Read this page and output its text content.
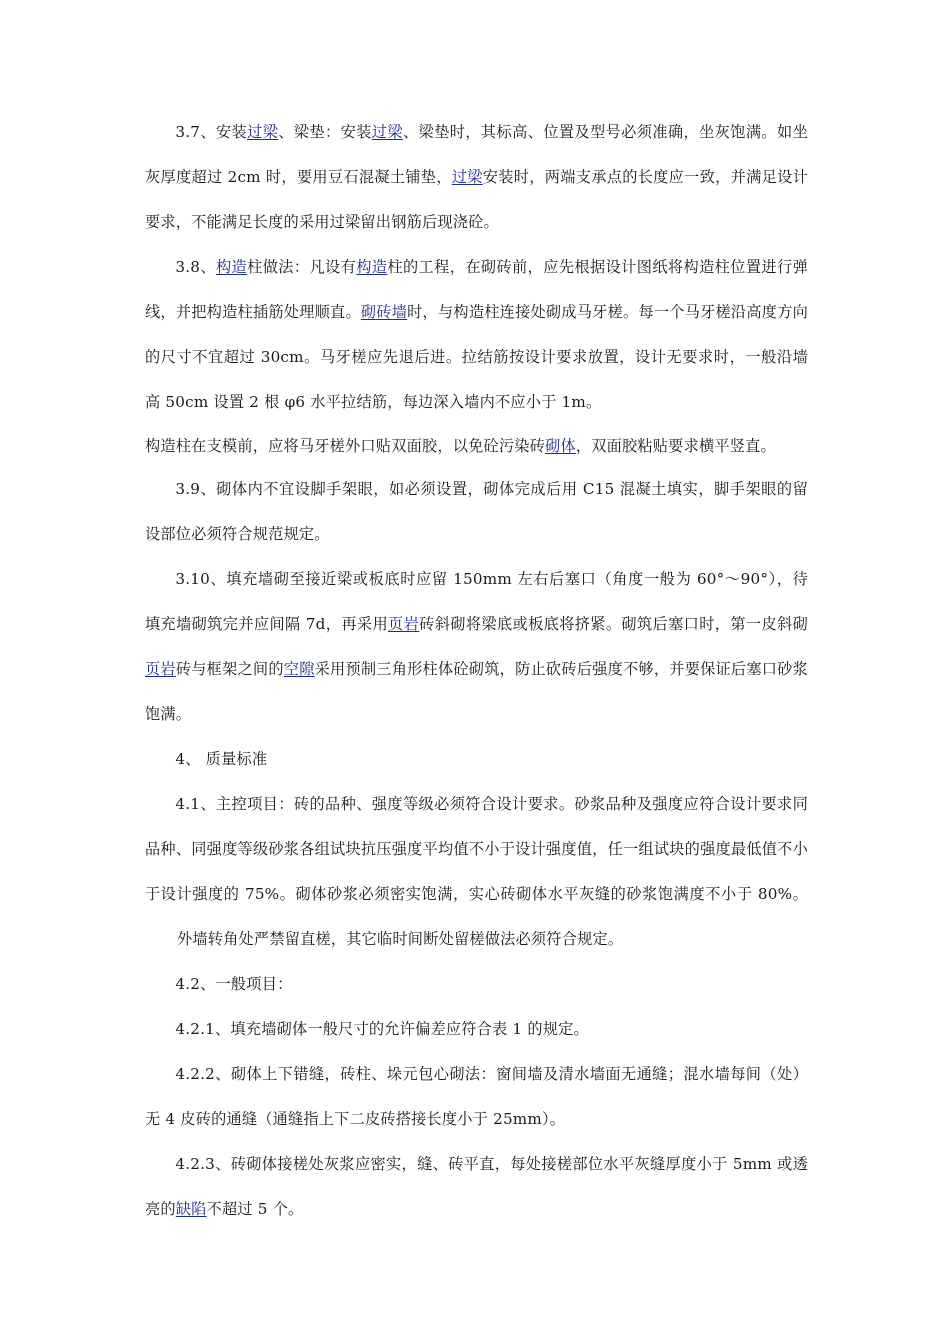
3.7、安装过梁、梁垫：安装过梁、梁垫时，其标高、位置及型号必须准确，坐灰饱满。如坐灰厚度超过 2cm 时，要用豆石混凝土铺垫，过梁安装时，两端支承点的长度应一致，并满足设计要求，不能满足长度的采用过梁留出钢筋后现浇砼。

3.8、构造柱做法：凡设有构造柱的工程，在砌砖前，应先根据设计图纸将构造柱位置进行弹线，并把构造柱插筋处理顺直。砌砖墙时，与构造柱连接处砌成马牙槎。每一个马牙槎沿高度方向的尺寸不宜超过 30cm。马牙槎应先退后进。拉结筋按设计要求放置，设计无要求时，一般沿墙高 50cm 设置 2 根 φ6 水平拉结筋，每边深入墙内不应小于 1m。

构造柱在支模前，应将马牙槎外口贴双面胶，以免砼污染砖砌体，双面胶粘贴要求横平竖直。

3.9、砌体内不宜设脚手架眼，如必须设置，砌体完成后用 C15 混凝土填实，脚手架眼的留设部位必须符合规范规定。

3.10、填充墙砌至接近梁或板底时应留 150mm 左右后塞口（角度一般为 60°～90°），待填充墙砌筑完并应间隔 7d，再采用页岩砖斜砌将梁底或板底将挤紧。砌筑后塞口时，第一皮斜砌页岩砖与框架之间的空隙采用预制三角形柱体砼砌筑，防止砍砖后强度不够，并要保证后塞口砂浆饱满。

4、 质量标准

4.1、主控项目：砖的品种、强度等级必须符合设计要求。砂浆品种及强度应符合设计要求同品种、同强度等级砂浆各组试块抗压强度平均值不小于设计强度值，任一组试块的强度最低值不小于设计强度的 75%。砌体砂浆必须密实饱满，实心砖砌体水平灰缝的砂浆饱满度不小于 80%。外墙转角处严禁留直槎，其它临时间断处留槎做法必须符合规定。

4.2、一般项目：

4.2.1、填充墙砌体一般尺寸的允许偏差应符合表 1 的规定。

4.2.2、砌体上下错缝，砖柱、垛元包心砌法：窗间墙及清水墙面无通缝；混水墙每间（处）无 4 皮砖的通缝（通缝指上下二皮砖搭接长度小于 25mm）。

4.2.3、砖砌体接槎处灰浆应密实，缝、砖平直，每处接槎部位水平灰缝厚度小于 5mm 或透亮的缺陷不超过 5 个。
